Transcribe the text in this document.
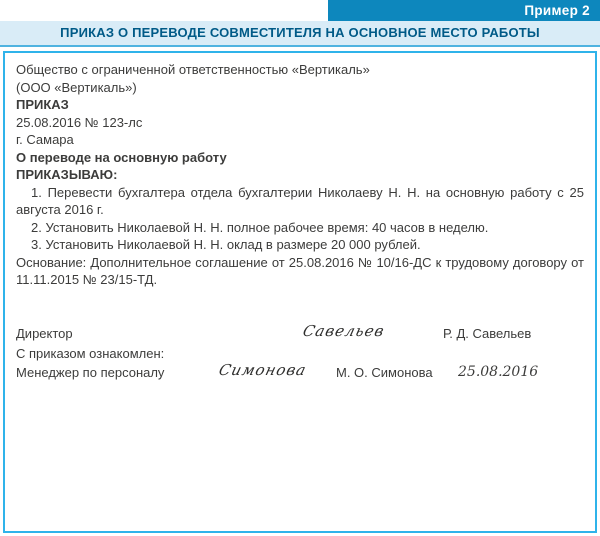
Пример 2
ПРИКАЗ О ПЕРЕВОДЕ СОВМЕСТИТЕЛЯ НА ОСНОВНОЕ МЕСТО РАБОТЫ

Общество с ограниченной ответственностью «Вертикаль»

(ООО «Вертикаль»)

ПРИКАЗ

25.08.2016 № 123-лс

г. Самара

О переводе на основную работу

ПРИКАЗЫВАЮ:

1. Перевести бухгалтера отдела бухгалтерии Николаеву Н. Н. на основную работу с 25 августа 2016 г.

2. Установить Николаевой Н. Н. полное рабочее время: 40 часов в неделю.

3. Установить Николаевой Н. Н. оклад в размере 20 000 рублей.

Основание: Дополнительное соглашение от 25.08.2016 № 10/16-ДС к трудовому договору от 11.11.2015 № 23/15-ТД.

Директор	Савельев	Р. Д. Савельев

С приказом ознакомлен:

Менеджер по персоналу	Симонова М. О. Симонова 25.08.2016
